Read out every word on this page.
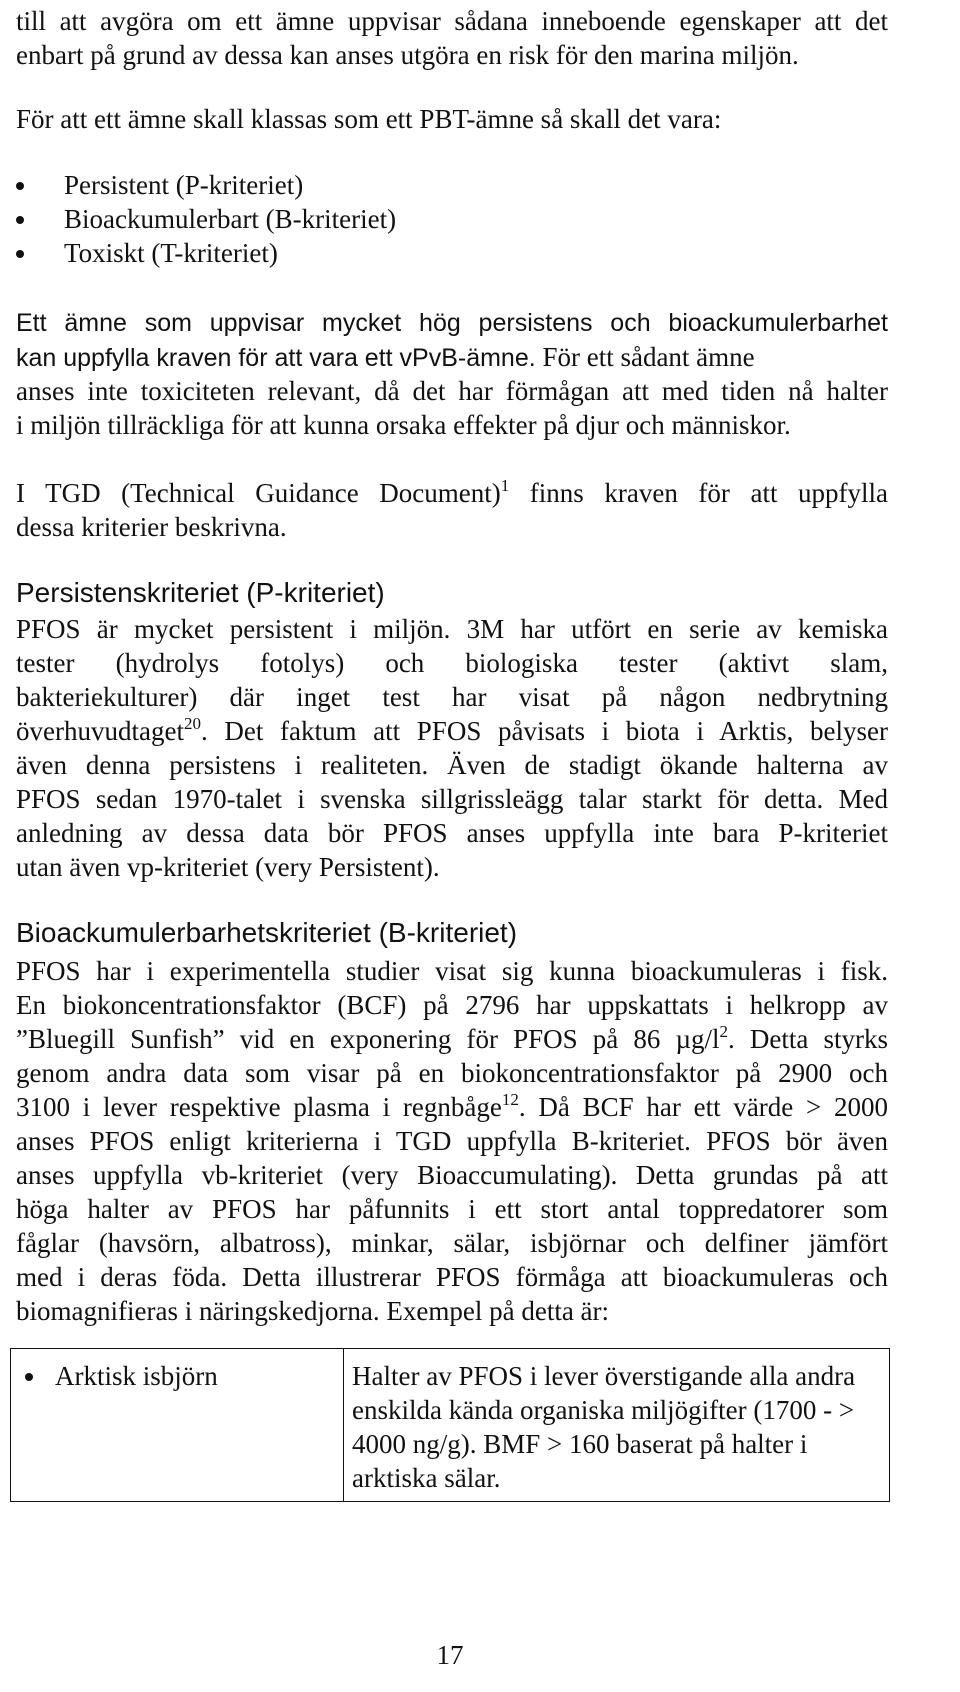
till att avgöra om ett ämne uppvisar sådana inneboende egenskaper att det
enbart på grund av dessa kan anses utgöra en risk för den marina miljön.
För att ett ämne skall klassas som ett PBT-ämne så skall det vara:
Persistent (P-kriteriet)
Bioackumulerbart (B-kriteriet)
Toxiskt (T-kriteriet)
Ett ämne som uppvisar mycket hög persistens och bioackumulerbarhet
kan uppfylla kraven för att vara ett vPvB-ämne. För ett sådant ämne
anses inte toxiciteten relevant, då det har förmågan att med tiden nå halter
i miljön tillräckliga för att kunna orsaka effekter på djur och människor.
I TGD (Technical Guidance Document)$^1$ finns kraven för att uppfylla
dessa kriterier beskrivna.
Persistenskriteriet (P-kriteriet)
PFOS är mycket persistent i miljön. 3M har utfört en serie av kemiska
tester (hydrolys fotolys) och biologiska tester (aktivt slam,
bakteriekulturer) där inget test har visat på någon nedbrytning
överhuvudtaget$^{20}$. Det faktum att PFOS påvisats i biota i Arktis, belyser
även denna persistens i realiteten. Även de stadigt ökande halterna av
PFOS sedan 1970-talet i svenska sillgrissleägg talar starkt för detta. Med
anledning av dessa data bör PFOS anses uppfylla inte bara P-kriteriet
utan även vp-kriteriet (very Persistent).
Bioackumulerbarhetskriteriet (B-kriteriet)
PFOS har i experimentella studier visat sig kunna bioackumuleras i fisk.
En biokoncentrationsfaktor (BCF) på 2796 har uppskattats i helkropp av
”Bluegill Sunfish” vid en exponering för PFOS på 86 $\mu g/l^2$. Detta styrks
genom andra data som visar på en biokoncentrationsfaktor på 2900 och
3100 i lever respektive plasma i regnbåge$^{12}$. Då BCF har ett värde > 2000
anses PFOS enligt kriterierna i TGD uppfylla B-kriteriet. PFOS bör även
anses uppfylla vb-kriteriet (very Bioaccumulating). Detta grundas på att
höga halter av PFOS har påfunnits i ett stort antal toppredatorer som
fåglar (havsörn, albatross), minkar, sälar, isbjörnar och delfiner jämfört
med i deras föda. Detta illustrerar PFOS förmåga att bioackumuleras och
biomagnifieras i näringskedjorna. Exempel på detta är:
Arktisk isbjörn	Halter av PFOS i lever överstigande alla andra
enskilda kända organiska miljögifter (1700 - >
4000 ng/g). BMF > 160 baserat på halter i
arktiska sälar.
17
